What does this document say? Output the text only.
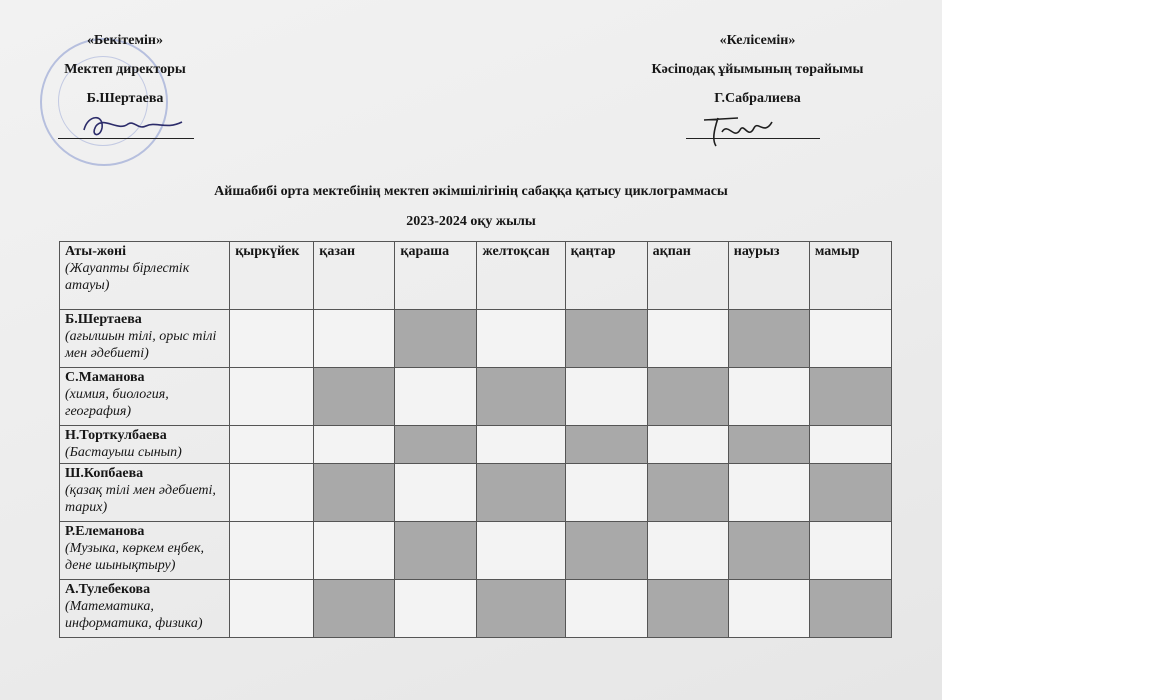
«Бекітемін»
Мектеп директоры
Б.Шертаева
«Келісемін»
Кәсіподақ ұйымының төрайымы
Г.Сабралиева
Айшабибі орта мектебінің мектеп әкімшілігінің сабаққа қатысу циклограммасы
2023-2024 оқу жылы
Аты-жөні
(Жауапты бірлестік атауы)	қыркүйек	қазан	қараша	желтоқсан	қаңтар	ақпан	наурыз	мамыр

Б.Шертаева
(ағылшын тілі, орыс тілі мен әдебиеті)								

С.Маманова
(химия, биология, география)								

Н.Торткулбаева
(Бастауыш сынып)								

Ш.Копбаева
(қазақ тілі мен әдебиеті, тарих)								

Р.Елеманова
(Музыка, көркем еңбек, дене шынықтыру)								

А.Тулебекова
(Математика, информатика, физика)								
